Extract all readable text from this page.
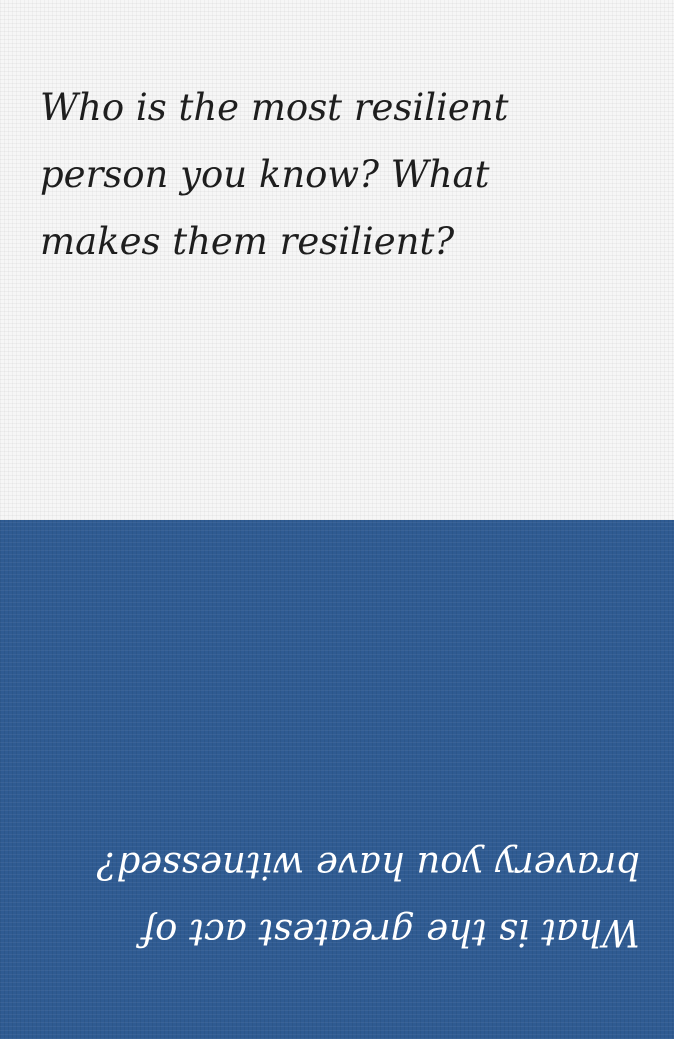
Who is the most resilient
person you know? What
makes them resilient?

What is the greatest act of
bravery you have witnessed?
